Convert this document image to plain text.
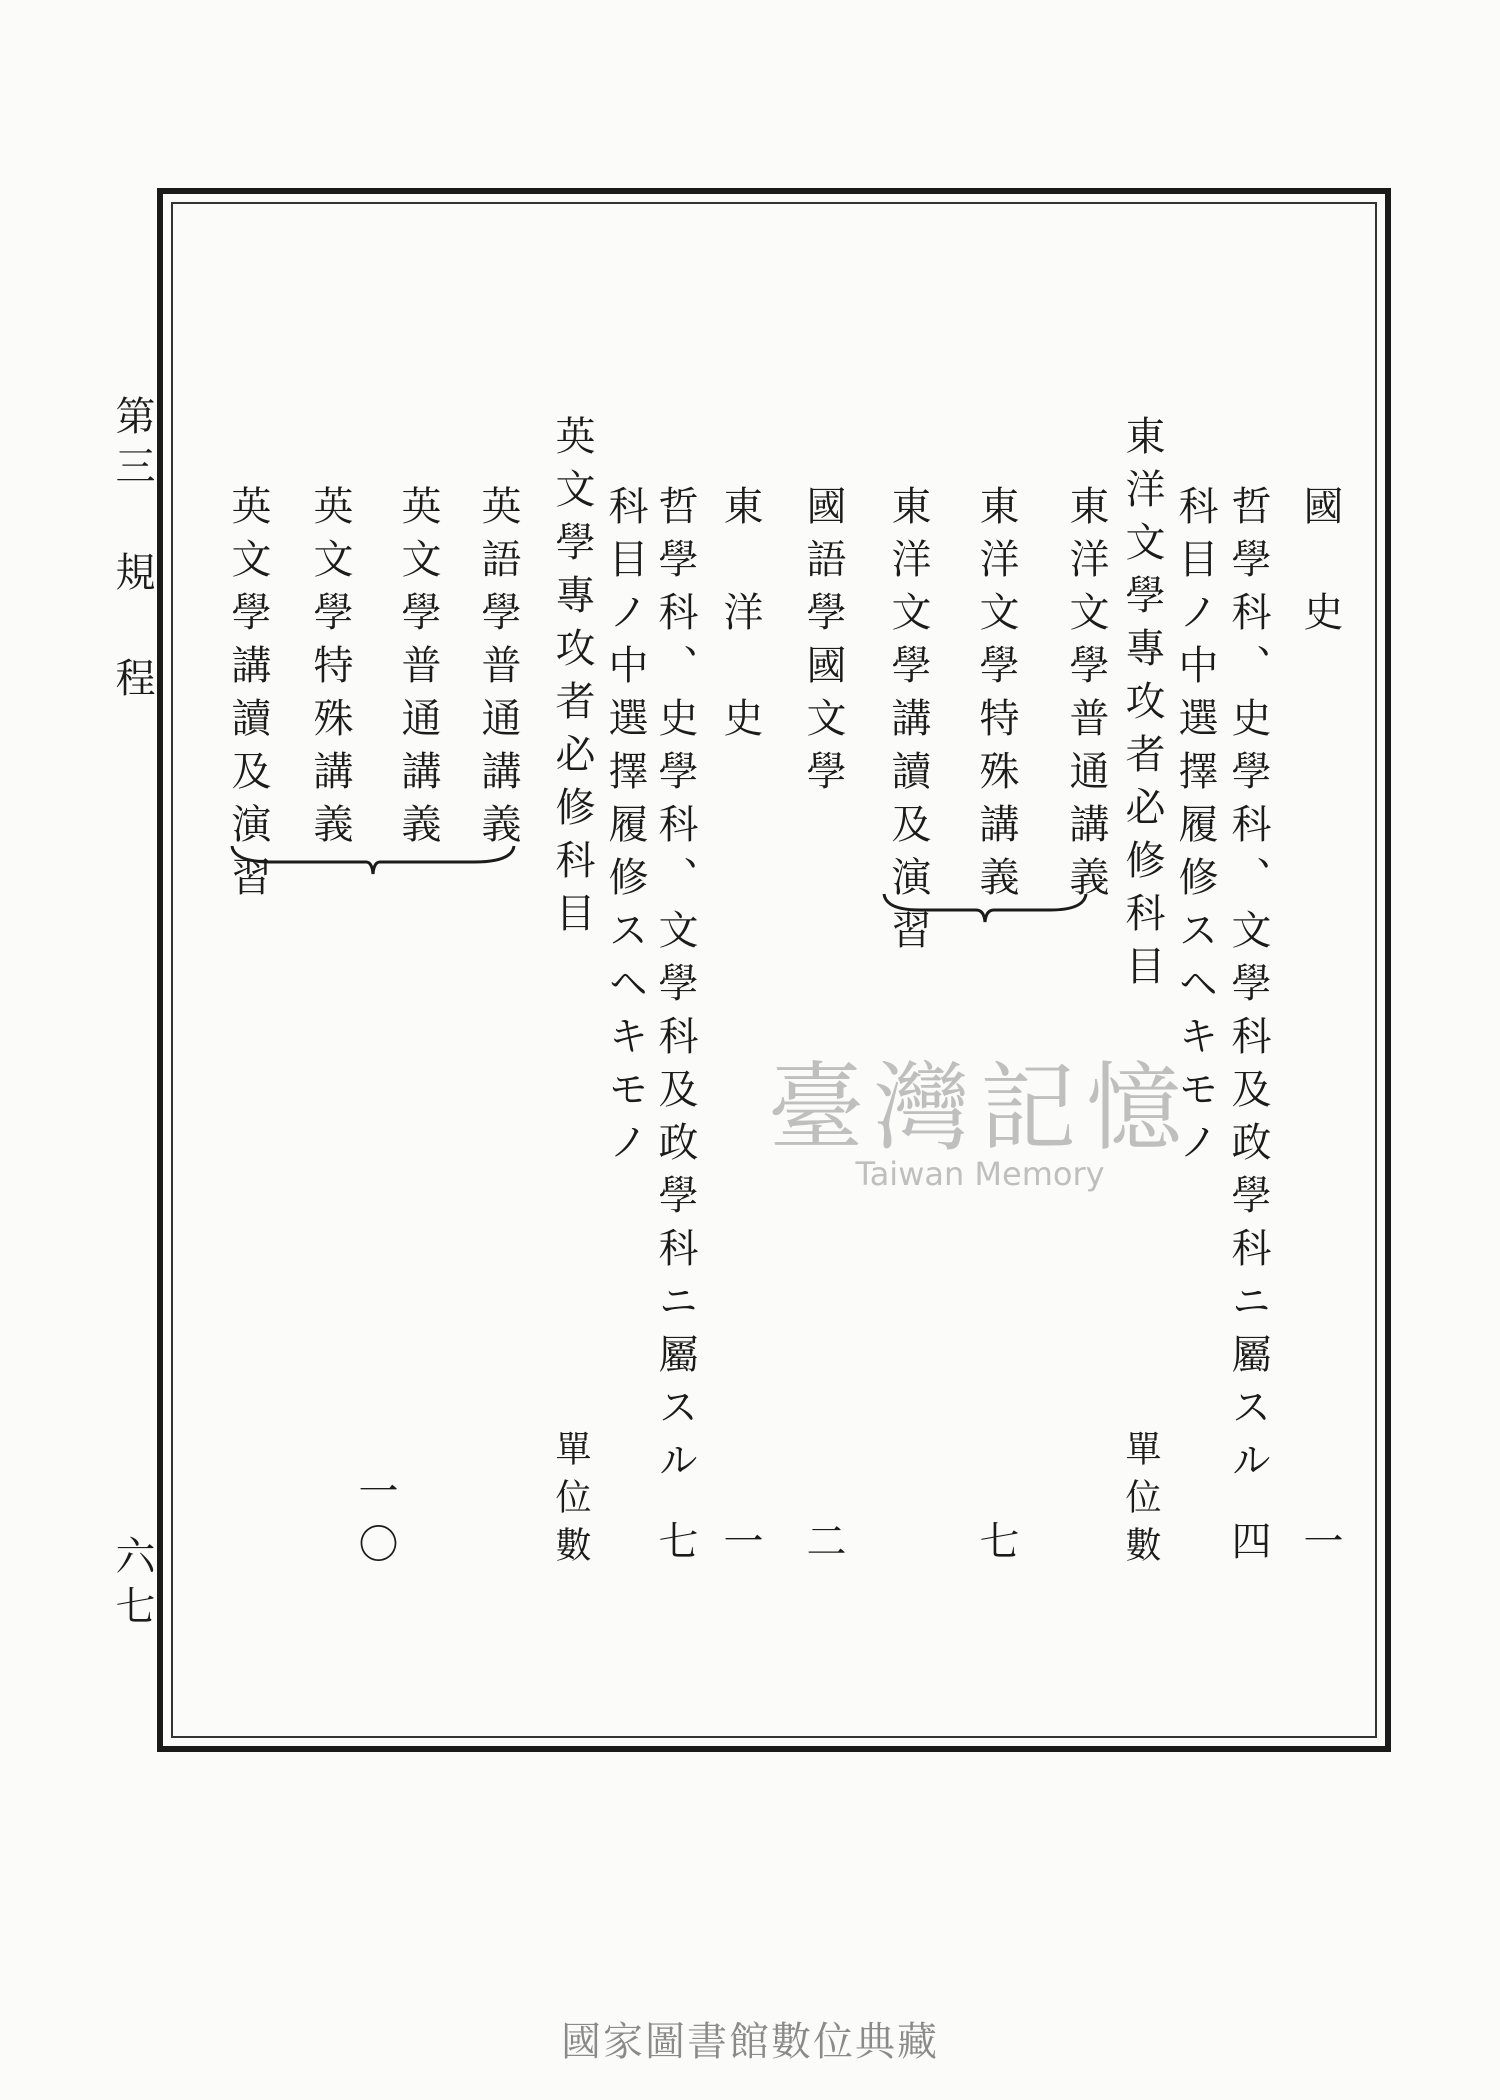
第三 規 程
六七
國　史
哲學科、史學科、文學科及政學科ニ屬スル
科目ノ中選擇履修スヘキモノ
東洋文學專攻者必修科目
東洋文學普通講義
東洋文學特殊講義
東洋文學講讀及演習
國語學國文學
東　洋　史
哲學科、史學科、文學科及政學科ニ屬スル
科目ノ中選擇履修スヘキモノ
英文學專攻者必修科目
英語學普通講義
英文學普通講義
英文學特殊講義
英文學講讀及演習
一
四
單位數
七
二
一
七
單位數
一〇
臺灣記憶
Taiwan Memory
國家圖書館數位典藏
